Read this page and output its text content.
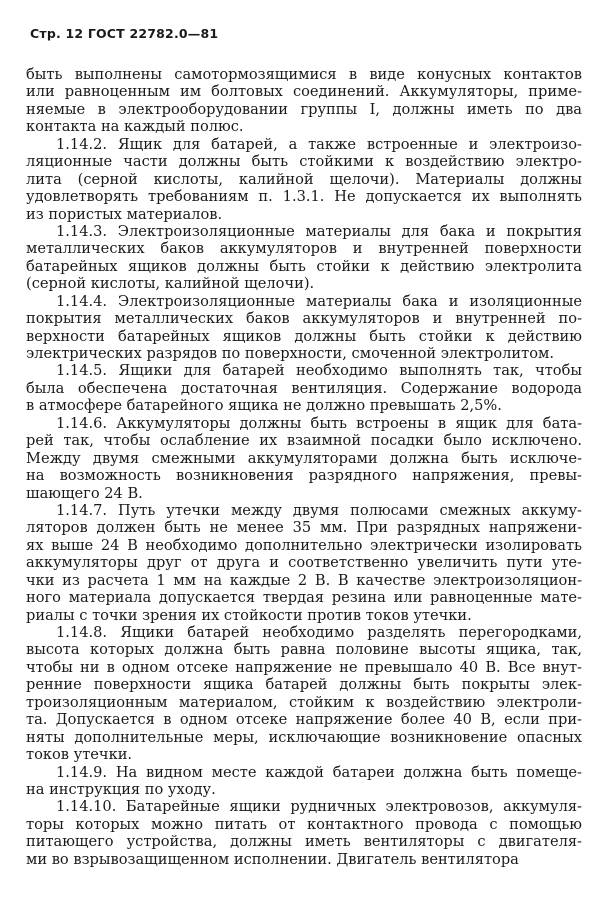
Стр. 12 ГОСТ 22782.0—81
быть выполнены самотормозящимися в виде конусных контактов
или равноценным им болтовых соединений. Аккумуляторы, приме-
няемые в электрооборудовании группы I, должны иметь по два
контакта на каждый полюс.
1.14.2. Ящик для батарей, а также встроенные и электроизо-
ляционные части должны быть стойкими к воздействию электро-
лита (серной кислоты, калийной щелочи). Материалы должны
удовлетворять требованиям п. 1.3.1. Не допускается их выполнять
из пористых материалов.
1.14.3. Электроизоляционные материалы для бака и покрытия
металлических баков аккумуляторов и внутренней поверхности
батарейных ящиков должны быть стойки к действию электролита
(серной кислоты, калийной щелочи).
1.14.4. Электроизоляционные материалы бака и изоляционные
покрытия металлических баков аккумуляторов и внутренней по-
верхности батарейных ящиков должны быть стойки к действию
электрических разрядов по поверхности, смоченной электролитом.
1.14.5. Ящики для батарей необходимо выполнять так, чтобы
была обеспечена достаточная вентиляция. Содержание водорода
в атмосфере батарейного ящика не должно превышать 2,5%.
1.14.6. Аккумуляторы должны быть встроены в ящик для бата-
рей так, чтобы ослабление их взаимной посадки было исключено.
Между двумя смежными аккумуляторами должна быть исключе-
на возможность возникновения разрядного напряжения, превы-
шающего 24 В.
1.14.7. Путь утечки между двумя полюсами смежных аккуму-
ляторов должен быть не менее 35 мм. При разрядных напряжени-
ях выше 24 В необходимо дополнительно электрически изолировать
аккумуляторы друг от друга и соответственно увеличить пути уте-
чки из расчета 1 мм на каждые 2 В. В качестве электроизоляцион-
ного материала допускается твердая резина или равноценные мате-
риалы с точки зрения их стойкости против токов утечки.
1.14.8. Ящики батарей необходимо разделять перегородками,
высота которых должна быть равна половине высоты ящика, так,
чтобы ни в одном отсеке напряжение не превышало 40 В. Все внут-
ренние поверхности ящика батарей должны быть покрыты элек-
троизоляционным материалом, стойким к воздействию электроли-
та. Допускается в одном отсеке напряжение более 40 В, если при-
няты дополнительные меры, исключающие возникновение опасных
токов утечки.
1.14.9. На видном месте каждой батареи должна быть помеще-
на инструкция по уходу.
1.14.10. Батарейные ящики рудничных электровозов, аккумуля-
торы которых можно питать от контактного провода с помощью
питающего устройства, должны иметь вентиляторы с двигателя-
ми во взрывозащищенном исполнении. Двигатель вентилятора
